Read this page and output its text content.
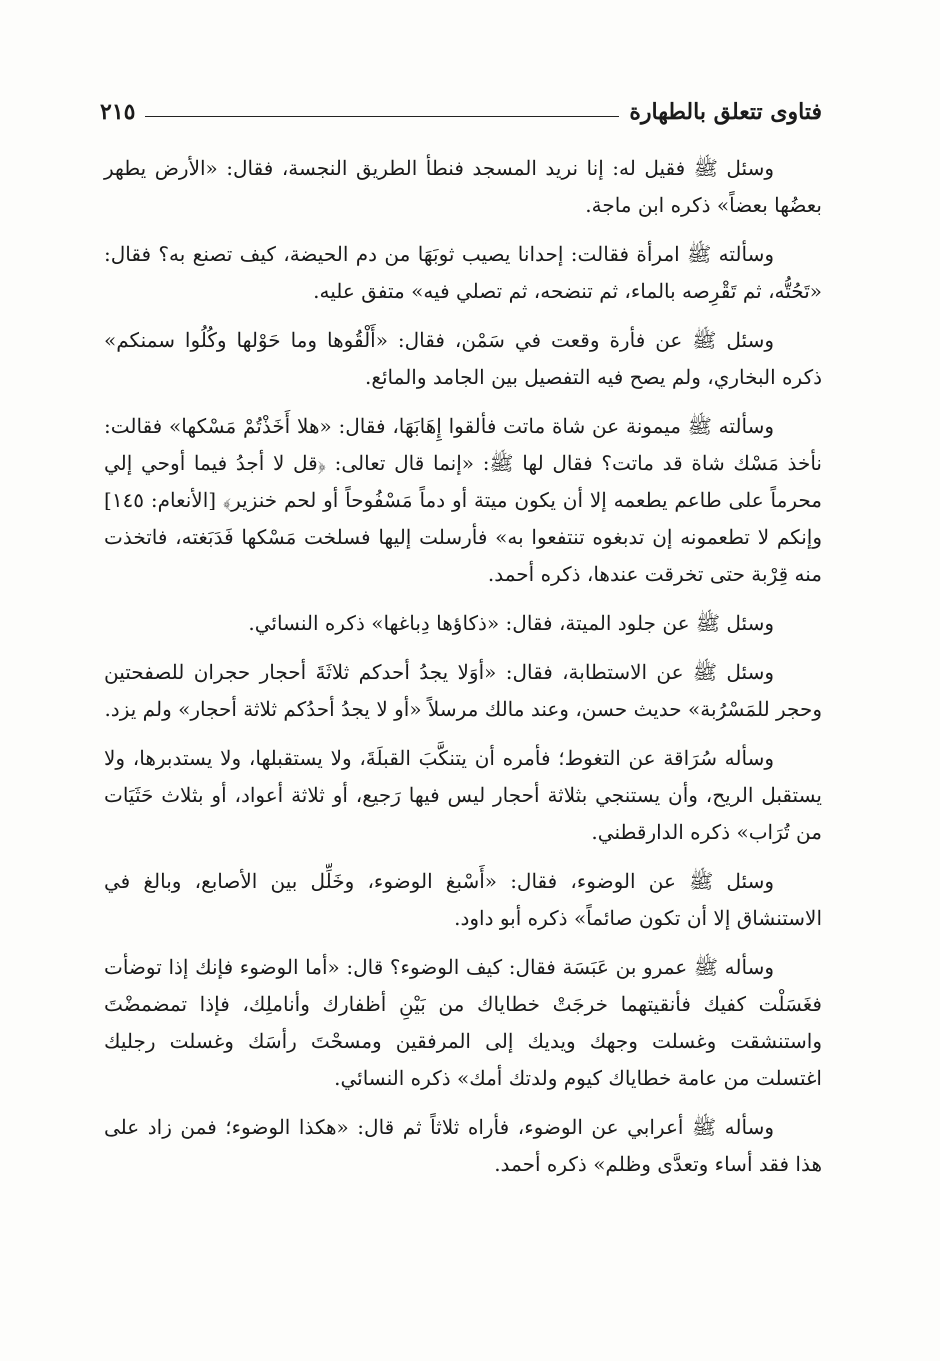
فتاوى تتعلق بالطهارة
٢١٥

وسئل ﷺ فقيل له: إنا نريد المسجد فنطأ الطريق النجسة، فقال: «الأرض يطهر بعضُها بعضاً» ذكره ابن ماجة.

وسألته ﷺ امرأة فقالت: إحدانا يصيب ثوبَهَا من دم الحيضة، كيف تصنع به؟ فقال: «تَحُتُّه، ثم تَقْرِصه بالماء، ثم تنضحه، ثم تصلي فيه» متفق عليه.

وسئل ﷺ عن فأرة وقعت في سَمْن، فقال: «أَلْقُوها وما حَوْلها وكُلُوا سمنكم» ذكره البخاري، ولم يصح فيه التفصيل بين الجامد والمائع.

وسألته ﷺ ميمونة عن شاة ماتت فألقوا إِهَابَهَا، فقال: «هلا أَخَذْتُمْ مَسْكها» فقالت: نأخذ مَسْك شاة قد ماتت؟ فقال لها ﷺ: «إنما قال تعالى: ﴿قل لا أجدُ فيما أوحي إلي محرماً على طاعم يطعمه إلا أن يكون ميتة أو دماً مَسْفُوحاً أو لحم خنزير﴾ [الأنعام: ١٤٥] وإنكم لا تطعمونه إن تدبغوه تنتفعوا به» فأرسلت إليها فسلخت مَسْكها فَدَبَغته، فاتخذت منه قِرْبة حتى تخرقت عندها، ذكره أحمد.

وسئل ﷺ عن جلود الميتة، فقال: «ذكاؤها دِباغها» ذكره النسائي.

وسئل ﷺ عن الاستطابة، فقال: «أوَلا يجدُ أحدكم ثلاثَةَ أحجار حجران للصفحتين وحجر للمَسْرُبة» حديث حسن، وعند مالك مرسلاً «أو لا يجدُ أحدُكم ثلاثة أحجار» ولم يزد.

وسأله سُرَاقة عن التغوط؛ فأمره أن يتنكَّبَ القبلَةَ، ولا يستقبلها، ولا يستدبرها، ولا يستقبل الريح، وأن يستنجي بثلاثة أحجار ليس فيها رَجيع، أو ثلاثة أعواد، أو بثلاث حَثَيَات من تُرَاب» ذكره الدارقطني.

وسئل ﷺ عن الوضوء، فقال: «أَسْبغ الوضوء، وخَلِّل بين الأصابع، وبالغ في الاستنشاق إلا أن تكون صائماً» ذكره أبو داود.

وسأله ﷺ عمرو بن عَبَسَة فقال: كيف الوضوء؟ قال: «أما الوضوء فإنك إذا توضأت فغَسَلْت كفيك فأنقيتهما خرجَتْ خطاياك من بَيْنِ أظفارك وأناملِك، فإذا تمضمضْتَ واستنشقت وغسلت وجهك ويديك إلى المرفقين ومسحْتَ رأسَك وغسلت رجليك اغتسلت من عامة خطاياك كيوم ولدتك أمك» ذكره النسائي.

وسأله ﷺ أعرابي عن الوضوء، فأراه ثلاثاً ثم قال: «هكذا الوضوء؛ فمن زاد على هذا فقد أساء وتعدَّى وظلم» ذكره أحمد.
